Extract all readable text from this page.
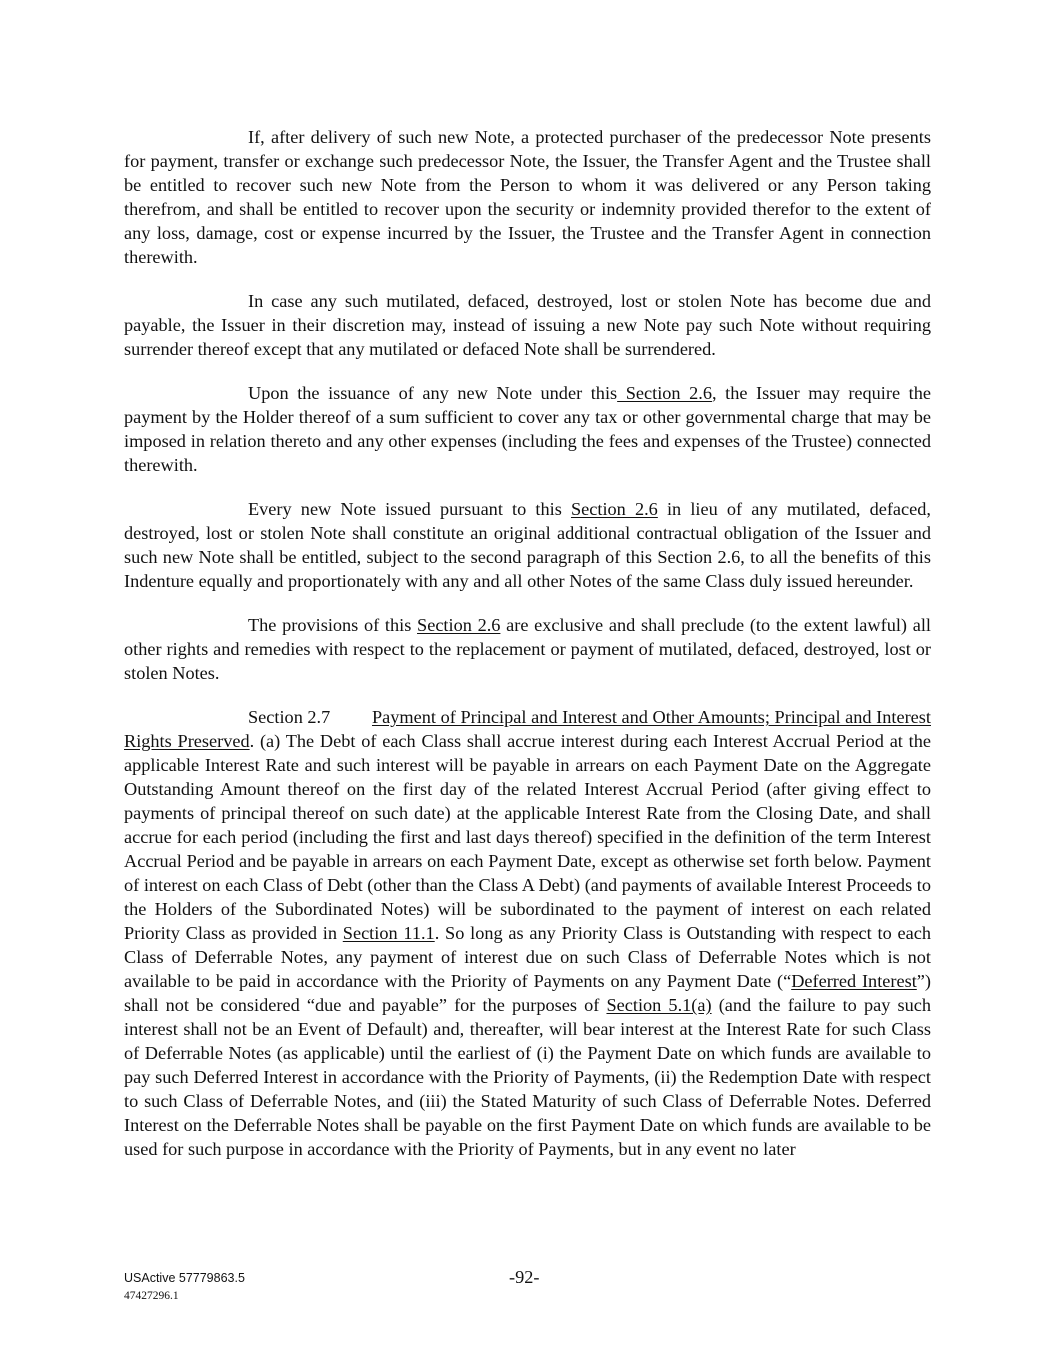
If, after delivery of such new Note, a protected purchaser of the predecessor Note presents for payment, transfer or exchange such predecessor Note, the Issuer, the Transfer Agent and the Trustee shall be entitled to recover such new Note from the Person to whom it was delivered or any Person taking therefrom, and shall be entitled to recover upon the security or indemnity provided therefor to the extent of any loss, damage, cost or expense incurred by the Issuer, the Trustee and the Transfer Agent in connection therewith.

In case any such mutilated, defaced, destroyed, lost or stolen Note has become due and payable, the Issuer in their discretion may, instead of issuing a new Note pay such Note without requiring surrender thereof except that any mutilated or defaced Note shall be surrendered.

Upon the issuance of any new Note under this Section 2.6, the Issuer may require the payment by the Holder thereof of a sum sufficient to cover any tax or other governmental charge that may be imposed in relation thereto and any other expenses (including the fees and expenses of the Trustee) connected therewith.

Every new Note issued pursuant to this Section 2.6 in lieu of any mutilated, defaced, destroyed, lost or stolen Note shall constitute an original additional contractual obligation of the Issuer and such new Note shall be entitled, subject to the second paragraph of this Section 2.6, to all the benefits of this Indenture equally and proportionately with any and all other Notes of the same Class duly issued hereunder.

The provisions of this Section 2.6 are exclusive and shall preclude (to the extent lawful) all other rights and remedies with respect to the replacement or payment of mutilated, defaced, destroyed, lost or stolen Notes.

Section 2.7 Payment of Principal and Interest and Other Amounts; Principal and Interest Rights Preserved. (a) The Debt of each Class shall accrue interest during each Interest Accrual Period at the applicable Interest Rate and such interest will be payable in arrears on each Payment Date on the Aggregate Outstanding Amount thereof on the first day of the related Interest Accrual Period (after giving effect to payments of principal thereof on such date) at the applicable Interest Rate from the Closing Date, and shall accrue for each period (including the first and last days thereof) specified in the definition of the term Interest Accrual Period and be payable in arrears on each Payment Date, except as otherwise set forth below. Payment of interest on each Class of Debt (other than the Class A Debt) (and payments of available Interest Proceeds to the Holders of the Subordinated Notes) will be subordinated to the payment of interest on each related Priority Class as provided in Section 11.1. So long as any Priority Class is Outstanding with respect to each Class of Deferrable Notes, any payment of interest due on such Class of Deferrable Notes which is not available to be paid in accordance with the Priority of Payments on any Payment Date (“Deferred Interest”) shall not be considered “due and payable” for the purposes of Section 5.1(a) (and the failure to pay such interest shall not be an Event of Default) and, thereafter, will bear interest at the Interest Rate for such Class of Deferrable Notes (as applicable) until the earliest of (i) the Payment Date on which funds are available to pay such Deferred Interest in accordance with the Priority of Payments, (ii) the Redemption Date with respect to such Class of Deferrable Notes, and (iii) the Stated Maturity of such Class of Deferrable Notes. Deferred Interest on the Deferrable Notes shall be payable on the first Payment Date on which funds are available to be used for such purpose in accordance with the Priority of Payments, but in any event no later

USActive 57779863.5
47427296.1
-92-
